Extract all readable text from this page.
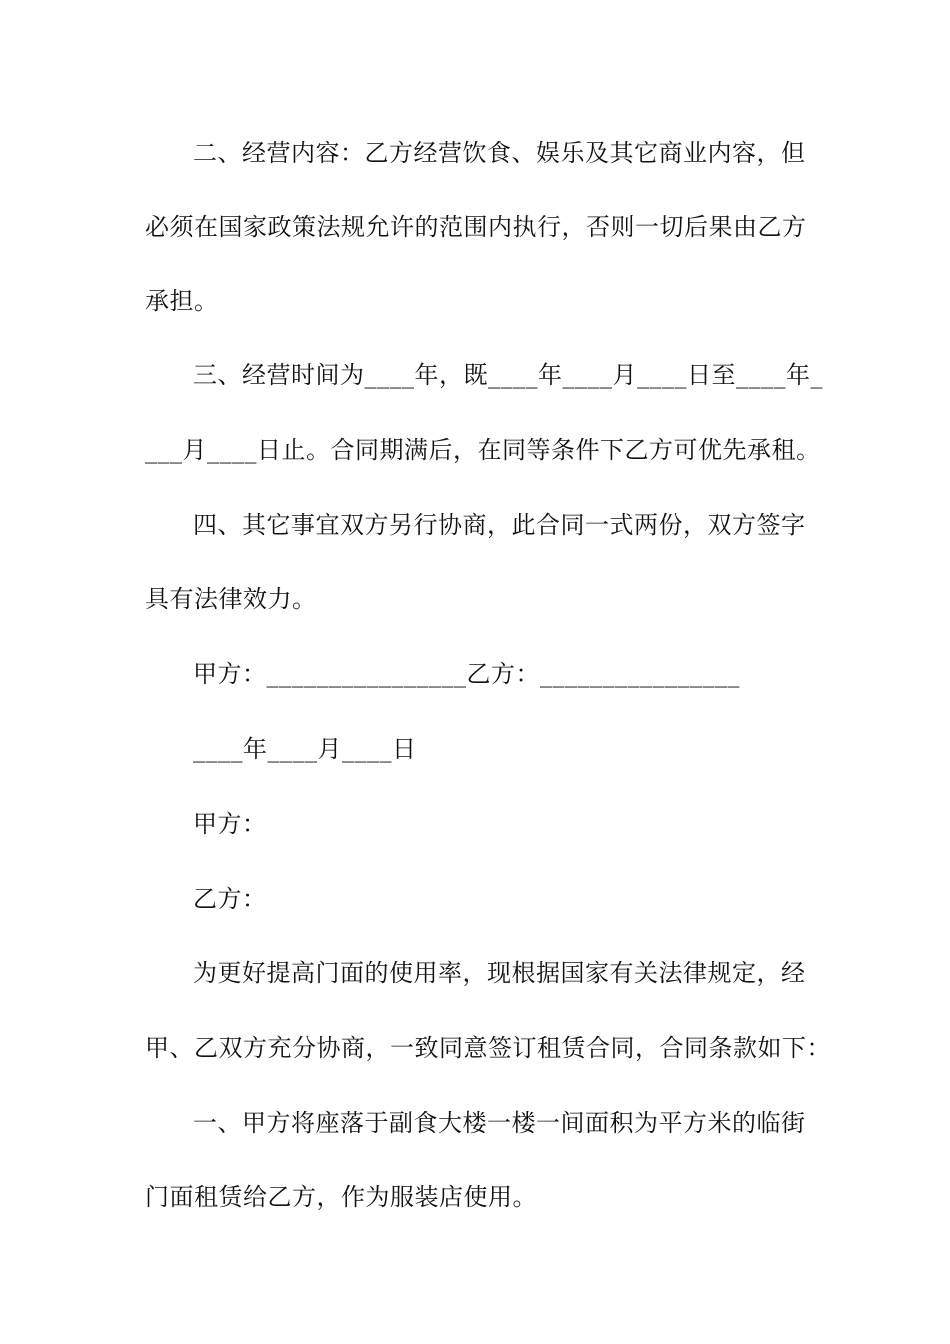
二、经营内容：乙方经营饮食、娱乐及其它商业内容，但
必须在国家政策法规允许的范围内执行，否则一切后果由乙方
承担。
三、经营时间为____年，既____年____月____日至____年_
___月____日止。合同期满后，在同等条件下乙方可优先承租。
四、其它事宜双方另行协商，此合同一式两份，双方签字
具有法律效力。
甲方：________________乙方：________________
____年____月____日
甲方：
乙方：
为更好提高门面的使用率，现根据国家有关法律规定，经
甲、乙双方充分协商，一致同意签订租赁合同，合同条款如下：
一、甲方将座落于副食大楼一楼一间面积为平方米的临街
门面租赁给乙方，作为服装店使用。
